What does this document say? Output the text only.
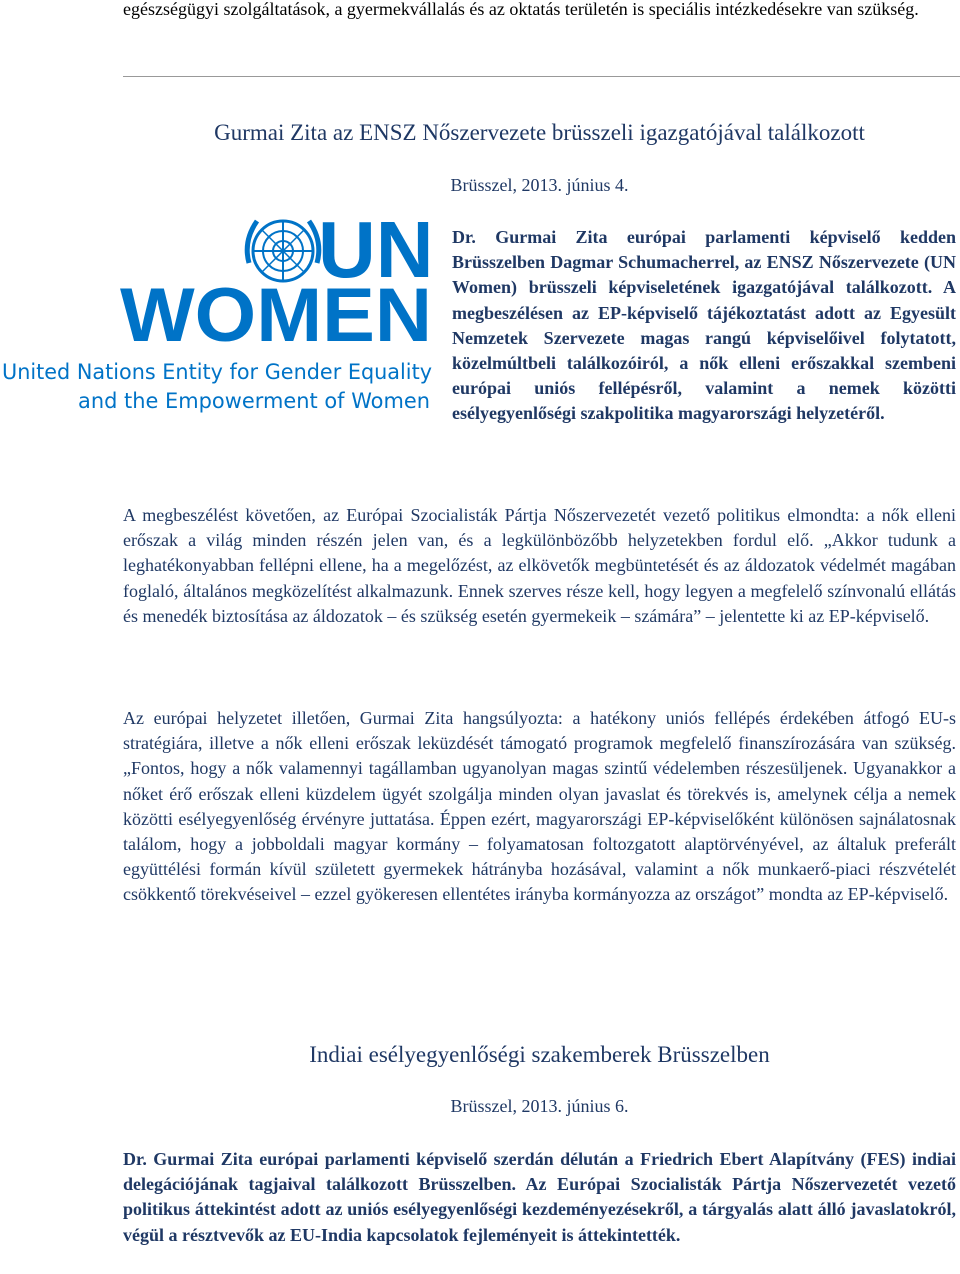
UN
WOMEN
United Nations Entity for Gender Equality
and the Empowerment of Women

egészségügyi szolgáltatások, a gyermekvállalás és az oktatás területén is speciális intézkedésekre van szükség.

Gurmai Zita az ENSZ Nőszervezete brüsszeli igazgatójával találkozott
Brüsszel, 2013. június 4.

Dr. Gurmai Zita európai parlamenti képviselő kedden Brüsszelben Dagmar Schumacherrel, az ENSZ Nőszervezete (UN Women) brüsszeli képviseletének igazgatójával találkozott. A megbeszélésen az EP-képviselő tájékoztatást adott az Egyesült Nemzetek Szervezete magas rangú képviselőivel folytatott, közelmúltbeli találkozóiról, a nők elleni erőszakkal szembeni európai uniós fellépésről, valamint a nemek közötti esélyegyenlőségi szakpolitika magyarországi helyzetéről.

A megbeszélést követően, az Európai Szocialisták Pártja Nőszervezetét vezető politikus elmondta: a nők elleni erőszak a világ minden részén jelen van, és a legkülönbözőbb helyzetekben fordul elő. „Akkor tudunk a leghatékonyabban fellépni ellene, ha a megelőzést, az elkövetők megbüntetését és az áldozatok védelmét magában foglaló, általános megközelítést alkalmazunk. Ennek szerves része kell, hogy legyen a megfelelő színvonalú ellátás és menedék biztosítása az áldozatok – és szükség esetén gyermekeik – számára” – jelentette ki az EP-képviselő.

Az európai helyzetet illetően, Gurmai Zita hangsúlyozta: a hatékony uniós fellépés érdekében átfogó EU-s stratégiára, illetve a nők elleni erőszak leküzdését támogató programok megfelelő finanszírozására van szükség. „Fontos, hogy a nők valamennyi tagállamban ugyanolyan magas szintű védelemben részesüljenek. Ugyanakkor a nőket érő erőszak elleni küzdelem ügyét szolgálja minden olyan javaslat és törekvés is, amelynek célja a nemek közötti esélyegyenlőség érvényre juttatása. Éppen ezért, magyarországi EP-képviselőként különösen sajnálatosnak találom, hogy a jobboldali magyar kormány – folyamatosan foltozgatott alaptörvényével, az általuk preferált együttélési formán kívül született gyermekek hátrányba hozásával, valamint a nők munkaerő-piaci részvételét csökkentő törekvéseivel – ezzel gyökeresen ellentétes irányba kormányozza az országot” mondta az EP-képviselő.

Indiai esélyegyenlőségi szakemberek Brüsszelben
Brüsszel, 2013. június 6.

Dr. Gurmai Zita európai parlamenti képviselő szerdán délután a Friedrich Ebert Alapítvány (FES) indiai delegációjának tagjaival találkozott Brüsszelben. Az Európai Szocialisták Pártja Nőszervezetét vezető politikus áttekintést adott az uniós esélyegyenlőségi kezdeményezésekről, a tárgyalás alatt álló javaslatokról, végül a résztvevők az EU-India kapcsolatok fejleményeit is áttekintették.
